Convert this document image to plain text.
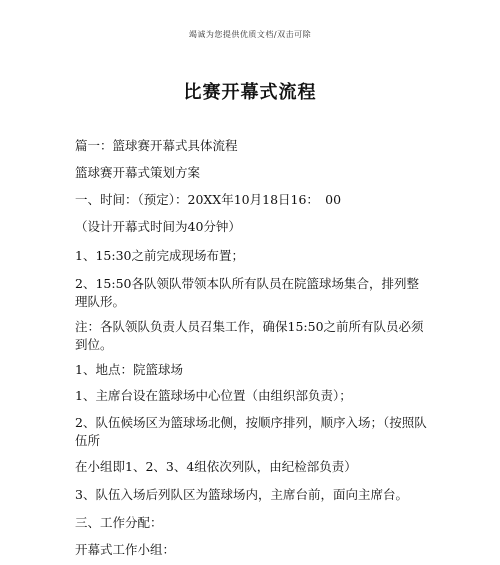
竭诚为您提供优质文档/双击可除
比赛开幕式流程
篇一：篮球赛开幕式具体流程
篮球赛开幕式策划方案
一、时间：（预定）：20XX年10月18日16：　00
（设计开幕式时间为40分钟）
1、15:30之前完成现场布置；
2、15:50各队领队带领本队所有队员在院篮球场集合，排列整理队形。
注：各队领队负责人员召集工作，确保15:50之前所有队员必须到位。
1、地点：院篮球场
1、主席台设在篮球场中心位置（由组织部负责）；
2、队伍候场区为篮球场北侧，按顺序排列，顺序入场；（按照队伍所
在小组即1、2、3、4组依次列队，由纪检部负责）
3、队伍入场后列队区为篮球场内，主席台前，面向主席台。
三、工作分配：
开幕式工作小组：
